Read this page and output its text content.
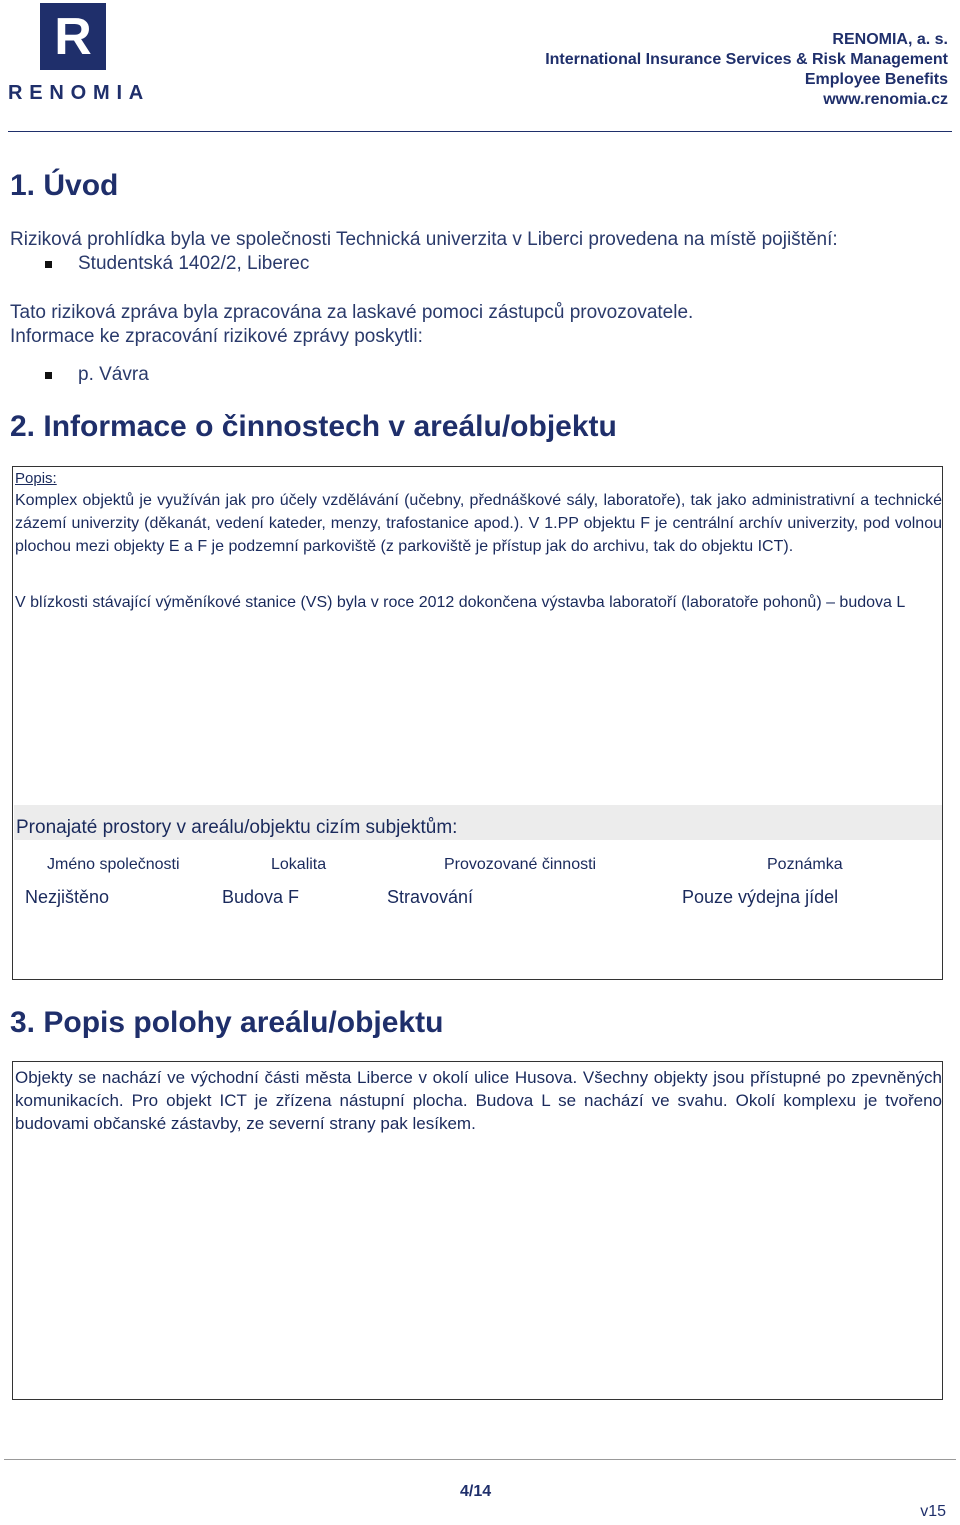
R
RENOMIA
RENOMIA, a. s.
International Insurance Services & Risk Management
Employee Benefits
www.renomia.cz
1. Úvod

Riziková prohlídka byla ve společnosti Technická univerzita v Liberci provedena na místě pojištění:

Studentská 1402/2, Liberec

Tato riziková zpráva byla zpracována za laskavé pomoci zástupců provozovatele.

Informace ke zpracování rizikové zprávy poskytli:

p. Vávra
2. Informace o činnostech v areálu/objektu
Popis:

Komplex objektů je využíván jak pro účely vzdělávání (učebny, přednáškové sály, laboratoře), tak jako administrativní a technické zázemí univerzity (děkanát, vedení kateder, menzy, trafostanice apod.). V 1.PP objektu F je centrální archív univerzity, pod volnou plochou mezi objekty E a F je podzemní parkoviště (z parkoviště je přístup jak do archivu, tak do objektu ICT).

V blízkosti stávající výměníkové stanice (VS) byla v roce 2012 dokončena výstavba laboratoří (laboratoře pohonů) – budova L

Pronajaté prostory v areálu/objektu cizím subjektům:
Jméno společnosti	Lokalita	Provozované činnosti	Poznámka
Nezjištěno	Budova F	Stravování	Pouze výdejna jídel
3. Popis polohy areálu/objektu

Objekty se nachází ve východní části města Liberce v okolí ulice Husova. Všechny objekty jsou přístupné po zpevněných komunikacích. Pro objekt ICT je zřízena nástupní plocha. Budova L se nachází ve svahu. Okolí komplexu je tvořeno budovami občanské zástavby, ze severní strany pak lesíkem.

4/14
v15
